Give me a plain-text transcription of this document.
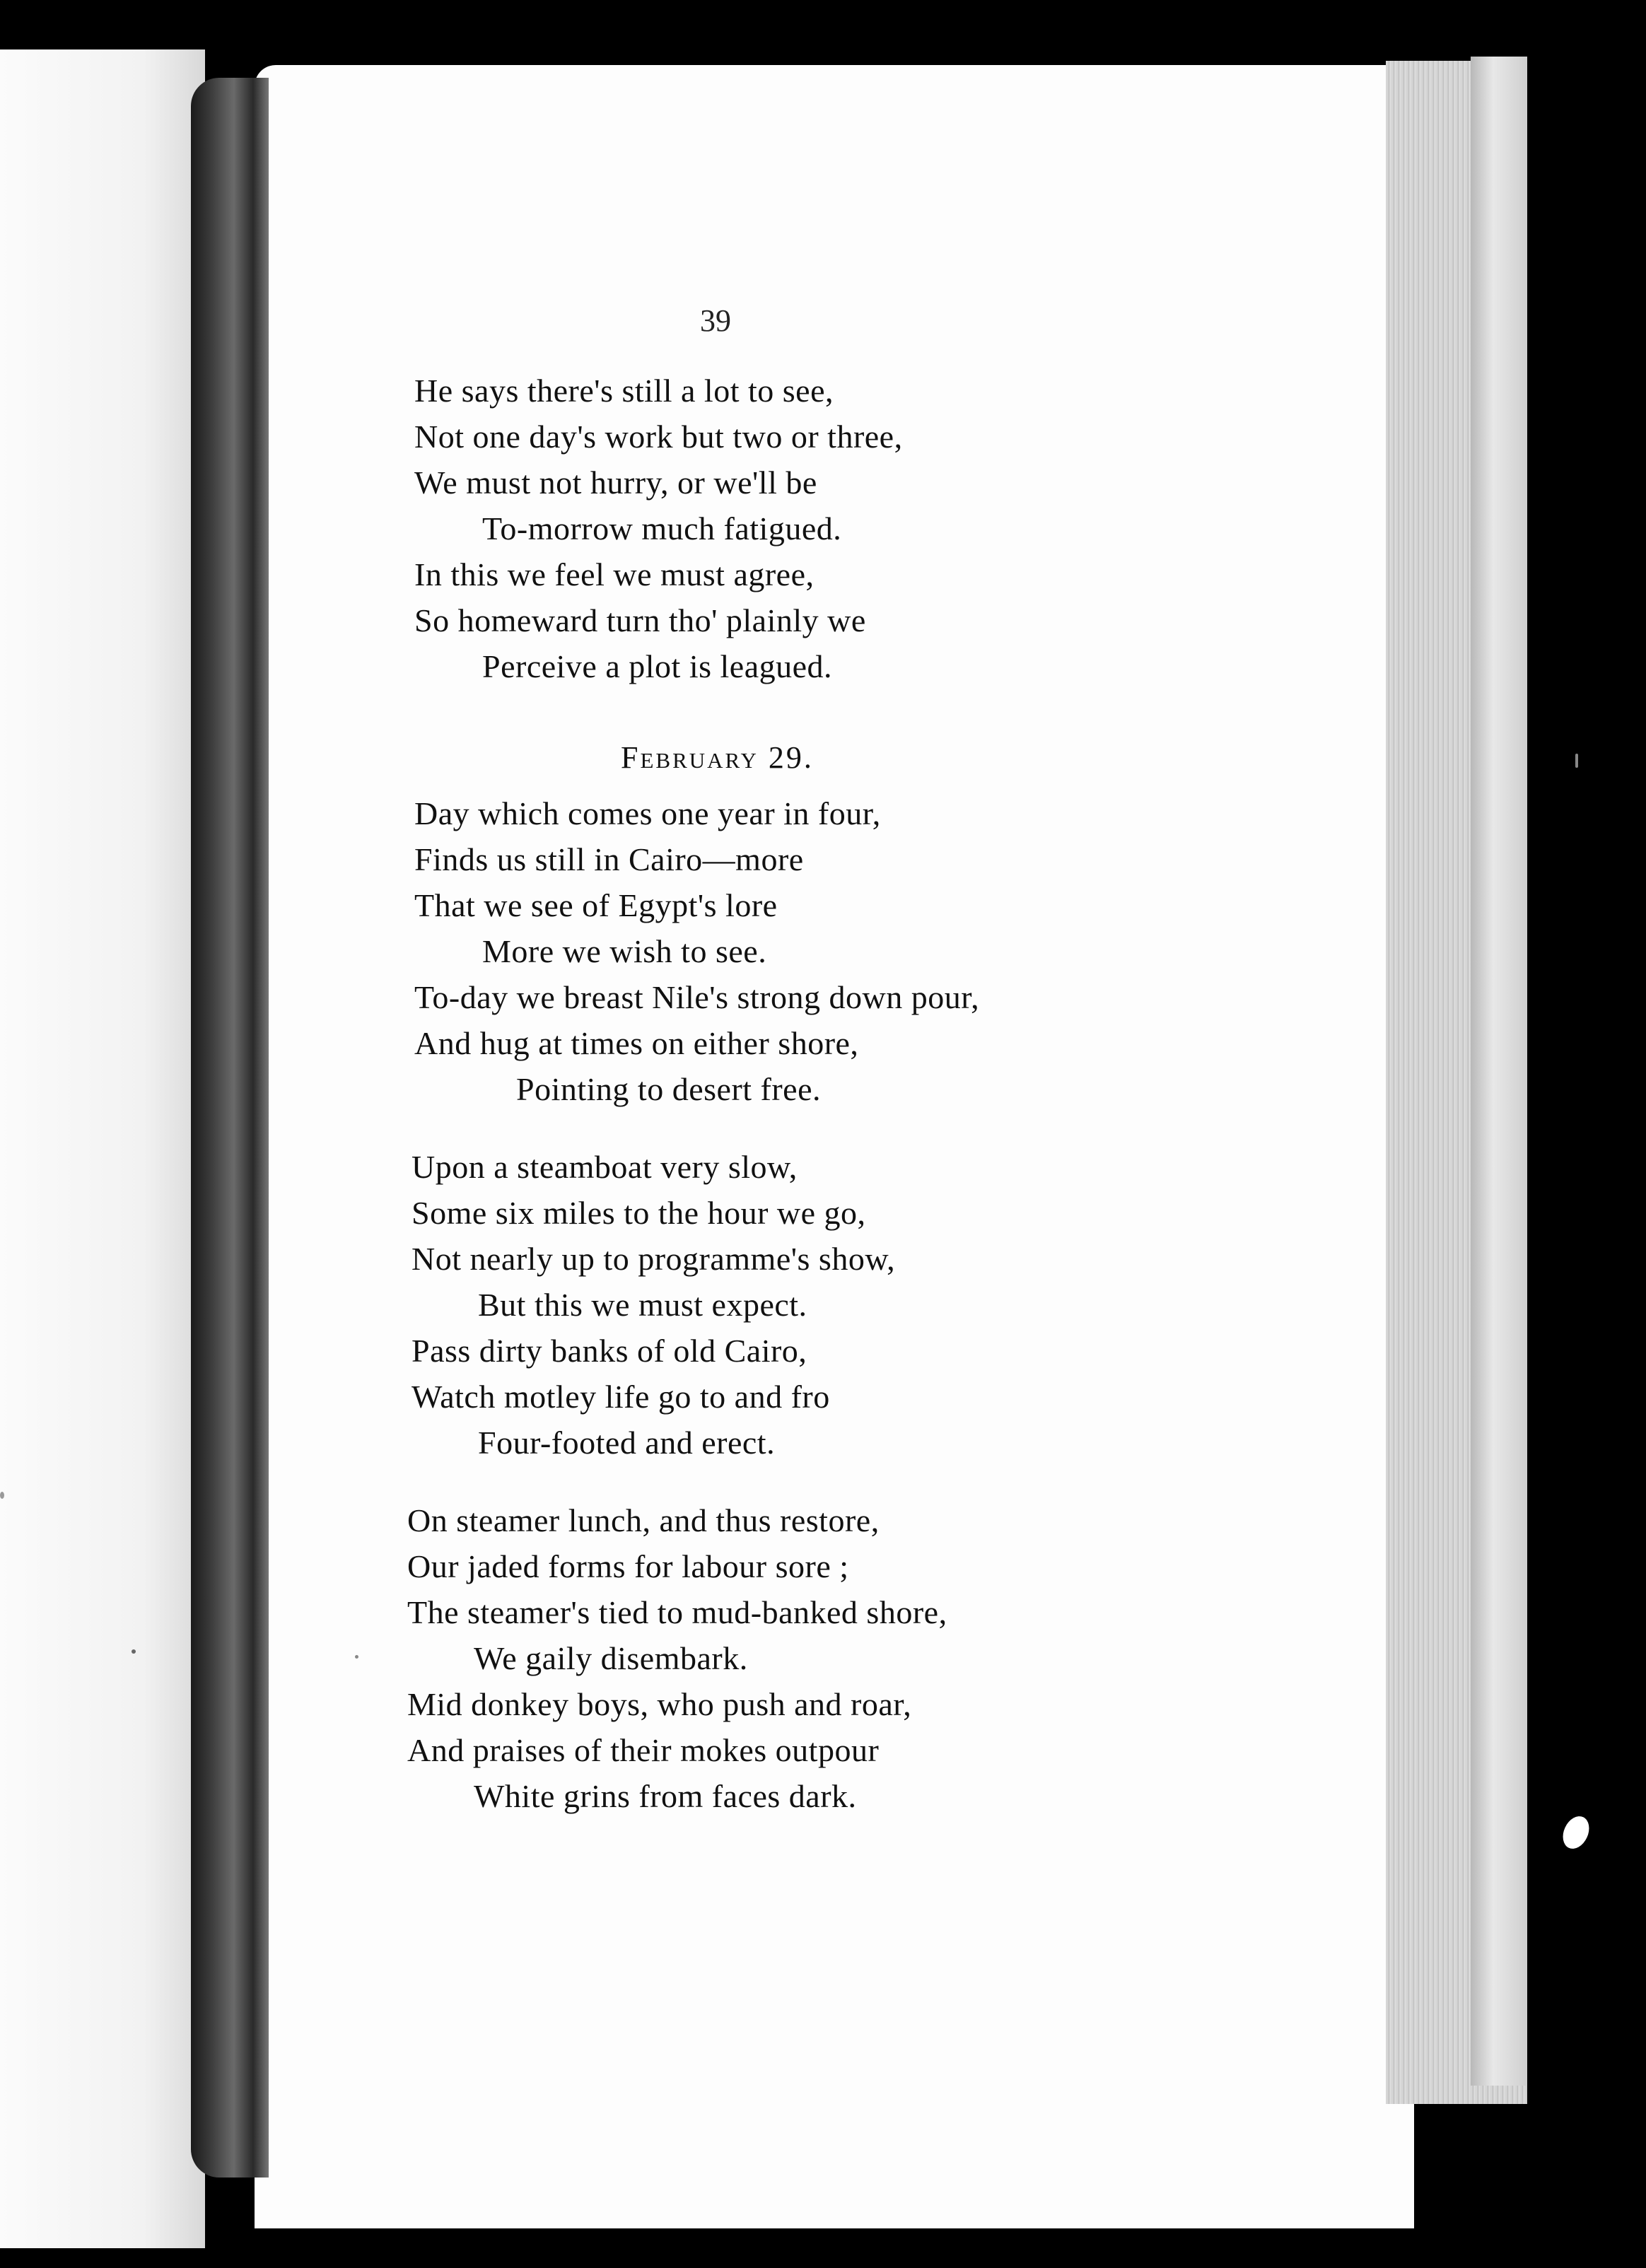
39
He says there's still a lot to see,
Not one day's work but two or three,
We must not hurry, or we'll be
To-morrow much fatigued.
In this we feel we must agree,
So homeward turn tho' plainly we
Perceive a plot is leagued.
February 29.
Day which comes one year in four,
Finds us still in Cairo—more
That we see of Egypt's lore
More we wish to see.
To-day we breast Nile's strong down pour,
And hug at times on either shore,
Pointing to desert free.
Upon a steamboat very slow,
Some six miles to the hour we go,
Not nearly up to programme's show,
But this we must expect.
Pass dirty banks of old Cairo,
Watch motley life go to and fro
Four-footed and erect.
On steamer lunch, and thus restore,
Our jaded forms for labour sore ;
The steamer's tied to mud-banked shore,
We gaily disembark.
Mid donkey boys, who push and roar,
And praises of their mokes outpour
White grins from faces dark.
